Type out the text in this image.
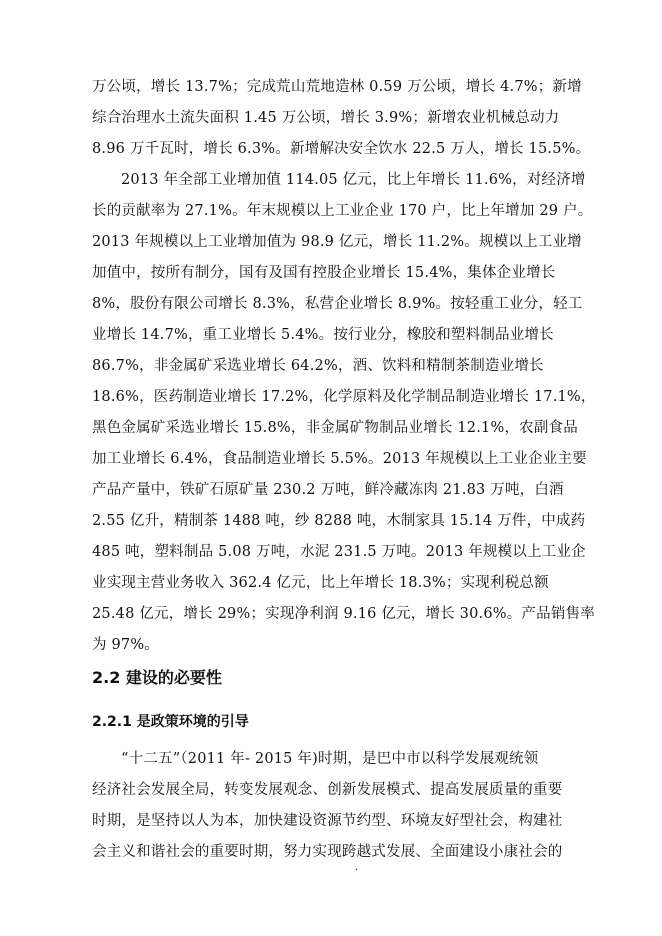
万公顷，增长 13.7%；完成荒山荒地造林 0.59 万公顷，增长 4.7%；新增
综合治理水土流失面积 1.45 万公顷，增长 3.9%；新增农业机械总动力
8.96 万千瓦时，增长 6.3%。新增解决安全饮水 22.5 万人，增长 15.5%。
2013 年全部工业增加值 114.05 亿元，比上年增长 11.6%，对经济增
长的贡献率为 27.1%。年末规模以上工业企业 170 户，比上年增加 29 户。
2013 年规模以上工业增加值为 98.9 亿元，增长 11.2%。规模以上工业增
加值中，按所有制分，国有及国有控股企业增长 15.4%，集体企业增长
8%，股份有限公司增长 8.3%，私营企业增长 8.9%。按轻重工业分，轻工
业增长 14.7%，重工业增长 5.4%。按行业分，橡胶和塑料制品业增长
86.7%，非金属矿采选业增长 64.2%，酒、饮料和精制茶制造业增长
18.6%，医药制造业增长 17.2%，化学原料及化学制品制造业增长 17.1%，
黑色金属矿采选业增长 15.8%，非金属矿物制品业增长 12.1%，农副食品
加工业增长 6.4%，食品制造业增长 5.5%。2013 年规模以上工业企业主要
产品产量中，铁矿石原矿量 230.2 万吨，鲜冷藏冻肉 21.83 万吨，白酒
2.55 亿升，精制茶 1488 吨，纱 8288 吨，木制家具 15.14 万件，中成药
485 吨，塑料制品 5.08 万吨，水泥 231.5 万吨。2013 年规模以上工业企
业实现主营业务收入 362.4 亿元，比上年增长 18.3%；实现利税总额
25.48 亿元，增长 29%；实现净利润 9.16 亿元，增长 30.6%。产品销售率
为 97%。
2.2 建设的必要性
2.2.1 是政策环境的引导
“十二五”（2011 年- 2015 年)时期，是巴中市以科学发展观统领
经济社会发展全局，转变发展观念、创新发展模式、提高发展质量的重要
时期，是坚持以人为本，加快建设资源节约型、环境友好型社会，构建社
会主义和谐社会的重要时期，努力实现跨越式发展、全面建设小康社会的
.
